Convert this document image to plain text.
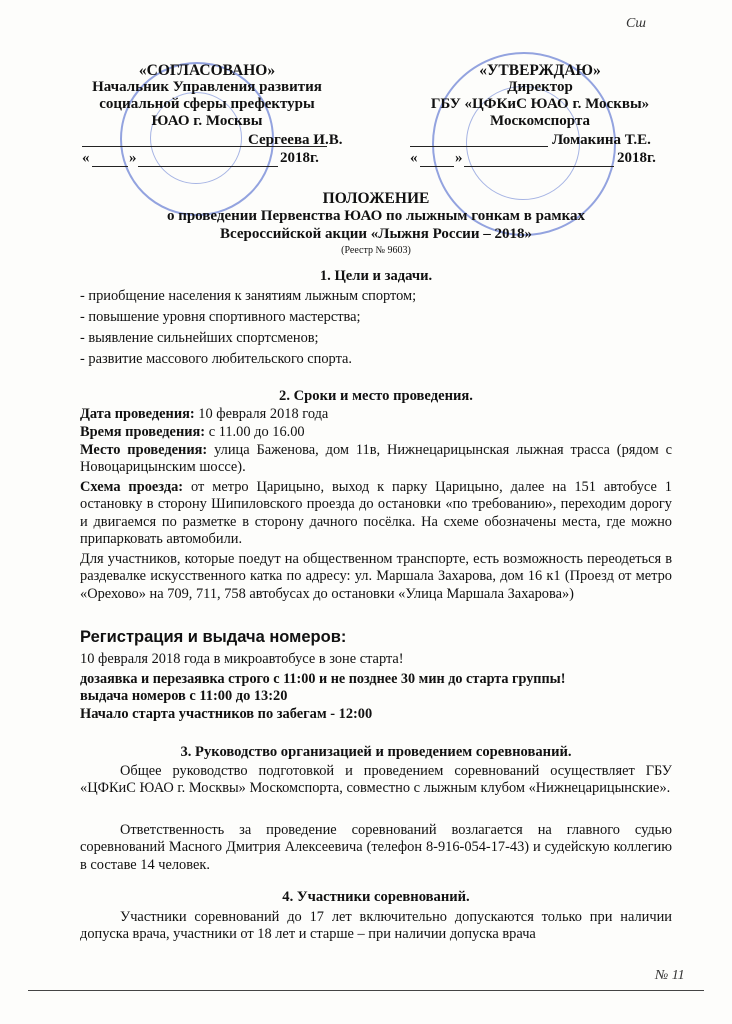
Сш
«СОГЛАСОВАНО»
Начальник Управления развития
социальной сферы префектуры
ЮАО г. Москвы
Сергеева И.В.
«	»	2018г.
«УТВЕРЖДАЮ»
Директор
ГБУ «ЦФКиС ЮАО г. Москвы»
Москомспорта
Ломакина Т.Е.
«	»	2018г.
ПОЛОЖЕНИЕ
о проведении Первенства ЮАО по лыжным гонкам в рамках
Всероссийской акции «Лыжня России – 2018»
(Реестр № 9603)
1. Цели и задачи.
- приобщение населения к занятиям лыжным спортом;
- повышение уровня спортивного мастерства;
- выявление сильнейших спортсменов;
- развитие массового любительского спорта.
2. Сроки и место проведения.
Дата проведения: 10 февраля 2018 года
Время проведения: с 11.00 до 16.00
Место проведения: улица Баженова, дом 11в, Нижнецарицынская лыжная трасса (рядом с Новоцарицынским шоссе).
Схема проезда: от метро Царицыно, выход к парку Царицыно, далее на 151 автобусе 1 остановку в сторону Шипиловского проезда до остановки «по требованию», переходим дорогу и двигаемся по разметке в сторону дачного посёлка. На схеме обозначены места, где можно припарковать автомобили.
Для участников, которые поедут на общественном транспорте, есть возможность переодеться в раздевалке искусственного катка по адресу: ул. Маршала Захарова, дом 16 к1 (Проезд от метро «Орехово» на 709, 711, 758 автобусах до остановки «Улица Маршала Захарова»)
Регистрация и выдача номеров:
10 февраля 2018 года в микроавтобусе в зоне старта!
дозаявка и перезаявка строго с 11:00 и не позднее 30 мин до старта группы!
выдача номеров с 11:00 до 13:20
Начало старта участников по забегам - 12:00
3. Руководство организацией и проведением соревнований.
Общее руководство подготовкой и проведением соревнований осуществляет ГБУ «ЦФКиС ЮАО г. Москвы» Москомспорта, совместно с лыжным клубом «Нижнецарицынские».
Ответственность за проведение соревнований возлагается на главного судью соревнований Масного Дмитрия Алексеевича (телефон 8-916-054-17-43) и судейскую коллегию в составе 14 человек.
4. Участники соревнований.
Участники соревнований до 17 лет включительно допускаются только при наличии допуска врача, участники от 18 лет и старше – при наличии допуска врача
№ 11
